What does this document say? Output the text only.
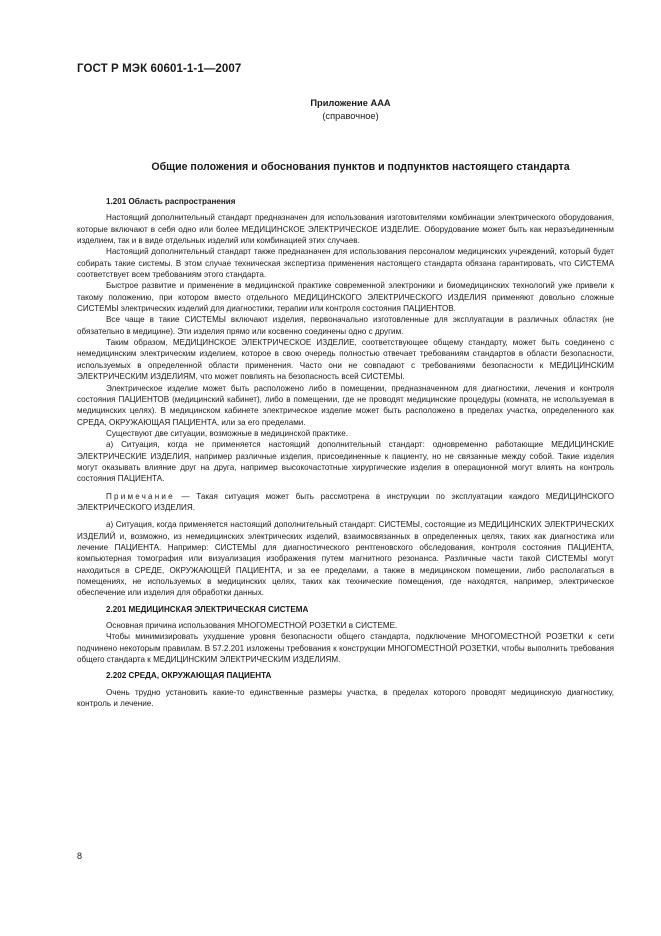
ГОСТ Р МЭК 60601-1-1—2007
Приложение ААА
(справочное)
Общие положения и обоснования пунктов и подпунктов настоящего стандарта

1.201 Область распространения

Настоящий дополнительный стандарт предназначен для использования изготовителями комбинации электрического оборудования, которые включают в себя одно или более МЕДИЦИНСКОЕ ЭЛЕКТРИЧЕСКОЕ ИЗДЕЛИЕ. Оборудование может быть как неразъединенным изделием, так и в виде отдельных изделий или комбинацией этих случаев.

Настоящий дополнительный стандарт также предназначен для использования персоналом медицинских учреждений, который будет собирать такие системы. В этом случае техническая экспертиза применения настоящего стандарта обязана гарантировать, что СИСТЕМА соответствует всем требованиям этого стандарта.

Быстрое развитие и применение в медицинской практике современной электроники и биомедицинских технологий уже привели к такому положению, при котором вместо отдельного МЕДИЦИНСКОГО ЭЛЕКТРИЧЕСКОГО ИЗДЕЛИЯ применяют довольно сложные СИСТЕМЫ электрических изделий для диагностики, терапии или контроля состояния ПАЦИЕНТОВ.

Все чаще в такие СИСТЕМЫ включают изделия, первоначально изготовленные для эксплуатации в различных областях (не обязательно в медицине). Эти изделия прямо или косвенно соединены одно с другим.

Таким образом, МЕДИЦИНСКОЕ ЭЛЕКТРИЧЕСКОЕ ИЗДЕЛИЕ, соответствующее общему стандарту, может быть соединено с немедицинским электрическим изделием, которое в свою очередь полностью отвечает требованиям стандартов в области безопасности, используемых в определенной области применения. Часто они не совпадают с требованиями безопасности к МЕДИЦИНСКИМ ЭЛЕКТРИЧЕСКИМ ИЗДЕЛИЯМ, что может повлиять на безопасность всей СИСТЕМЫ.

Электрическое изделие может быть расположено либо в помещении, предназначенном для диагностики, лечения и контроля состояния ПАЦИЕНТОВ (медицинский кабинет), либо в помещении, где не проводят медицинские процедуры (комната, не используемая в медицинских целях). В медицинском кабинете электрическое изделие может быть расположено в пределах участка, определенного как СРЕДА, ОКРУЖАЮЩАЯ ПАЦИЕНТА, или за его пределами.

Существуют две ситуации, возможные в медицинской практике.

а) Ситуация, когда не применяется настоящий дополнительный стандарт: одновременно работающие МЕДИЦИНСКИЕ ЭЛЕКТРИЧЕСКИЕ ИЗДЕЛИЯ, например различные изделия, присоединенные к пациенту, но не связанные между собой. Такие изделия могут оказывать влияние друг на друга, например высокочастотные хирургические изделия в операционной могут влиять на контроль состояния ПАЦИЕНТА.

Примечание — Такая ситуация может быть рассмотрена в инструкции по эксплуатации каждого МЕДИЦИНСКОГО ЭЛЕКТРИЧЕСКОГО ИЗДЕЛИЯ.

а) Ситуация, когда применяется настоящий дополнительный стандарт: СИСТЕМЫ, состоящие из МЕДИЦИНСКИХ ЭЛЕКТРИЧЕСКИХ ИЗДЕЛИЙ и, возможно, из немедицинских электрических изделий, взаимосвязанных в определенных целях, таких как диагностика или лечение ПАЦИЕНТА. Например: СИСТЕМЫ для диагностического рентгеновского обследования, контроля состояния ПАЦИЕНТА, компьютерная томография или визуализация изображения путем магнитного резонанса. Различные части такой СИСТЕМЫ могут находиться в СРЕДЕ, ОКРУЖАЮЩЕЙ ПАЦИЕНТА, и за ее пределами, а также в медицинском помещении, либо располагаться в помещениях, не используемых в медицинских целях, таких как технические помещения, где находятся, например, электрическое обеспечение или изделия для обработки данных.

2.201 МЕДИЦИНСКАЯ ЭЛЕКТРИЧЕСКАЯ СИСТЕМА

Основная причина использования МНОГОМЕСТНОЙ РОЗЕТКИ в СИСТЕМЕ.

Чтобы минимизировать ухудшение уровня безопасности общего стандарта, подключение МНОГОМЕСТНОЙ РОЗЕТКИ к сети подчинено некоторым правилам. В 57.2.201 изложены требования к конструкции МНОГОМЕСТНОЙ РОЗЕТКИ, чтобы выполнить требования общего стандарта к МЕДИЦИНСКИМ ЭЛЕКТРИЧЕСКИМ ИЗДЕЛИЯМ.

2.202 СРЕДА, ОКРУЖАЮЩАЯ ПАЦИЕНТА

Очень трудно установить какие-то единственные размеры участка, в пределах которого проводят медицинскую диагностику, контроль и лечение.

8
